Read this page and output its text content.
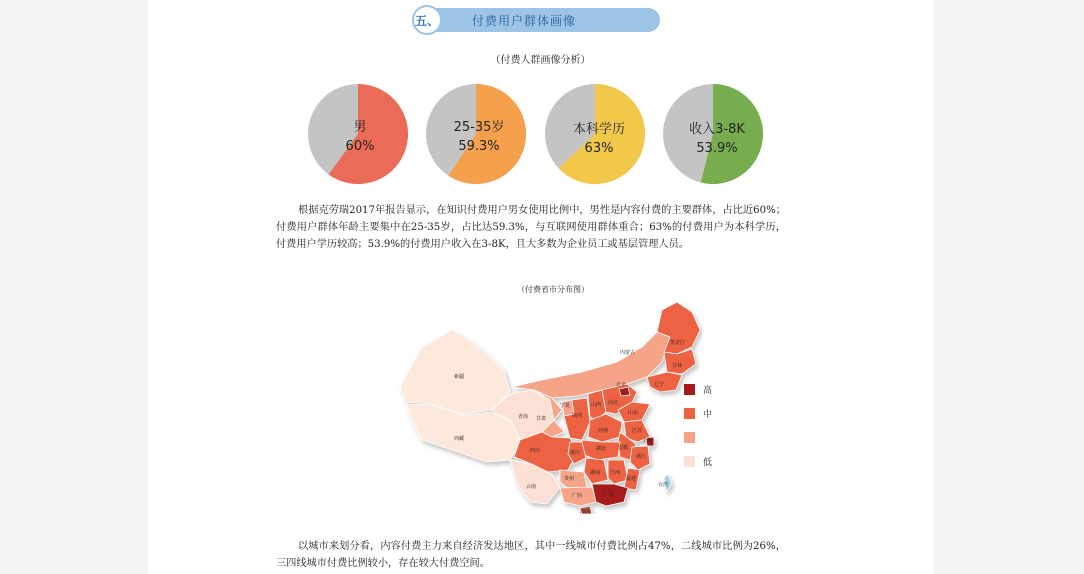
五、	付费用户群体画像
（付费人群画像分析）
男
60%
25-35岁
59.3%
本科学历
63%
收入3-8K
53.9%
根据克劳瑞2017年报告显示，在知识付费用户男女使用比例中，男性是内容付费的主要群体，占比近60%；付费用户群体年龄主要集中在25-35岁，占比达59.3%，与互联网使用群体重合；63%的付费用户为本科学历，付费用户学历较高；53.9%的付费用户收入在3-8K，且大多数为企业员工或基层管理人员。
（付费省市分布图）
新疆
西藏
青海 甘肃
宁夏
陕西
山西 河北
内蒙古
黑龙江
吉林
辽宁
北京
山东
河南
湖北 安徽
江苏
上海
浙江
四川	重庆
贵州
云南
湖南 江西
福建
广西	广东
海南
台湾
高
中
低
以城市来划分看，内容付费主力来自经济发达地区，其中一线城市付费比例占47%，二线城市比例为26%，三四线城市付费比例较小，存在较大付费空间。
